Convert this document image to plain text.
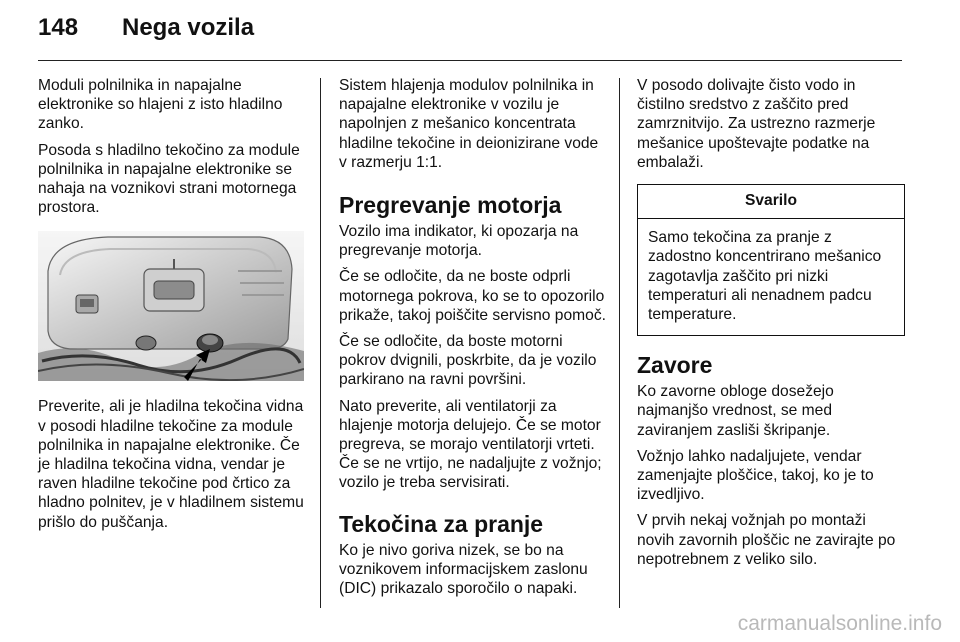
148 Nega vozila

Moduli polnilnika in napajalne elektronike so hlajeni z isto hladilno zanko.

Posoda s hladilno tekočino za module polnilnika in napajalne elektronike se nahaja na voznikovi strani motornega prostora.

Preverite, ali je hladilna tekočina vidna v posodi hladilne tekočine za module polnilnika in napajalne elektronike. Če je hladilna tekočina vidna, vendar je raven hladilne tekočine pod črtico za hladno polnitev, je v hladilnem sistemu prišlo do puščanja.

Sistem hlajenja modulov polnilnika in napajalne elektronike v vozilu je napolnjen z mešanico koncentrata hladilne tekočine in deionizirane vode v razmerju 1:1.

Pregrevanje motorja

Vozilo ima indikator, ki opozarja na pregrevanje motorja.

Če se odločite, da ne boste odprli motornega pokrova, ko se to opozorilo prikaže, takoj poiščite servisno pomoč.

Če se odločite, da boste motorni pokrov dvignili, poskrbite, da je vozilo parkirano na ravni površini.

Nato preverite, ali ventilatorji za hlajenje motorja delujejo. Če se motor pregreva, se morajo ventilatorji vrteti. Če se ne vrtijo, ne nadaljujte z vožnjo; vozilo je treba servisirati.

Tekočina za pranje

Ko je nivo goriva nizek, se bo na voznikovem informacijskem zaslonu (DIC) prikazalo sporočilo o napaki.

V posodo dolivajte čisto vodo in čistilno sredstvo z zaščito pred zamrznitvijo. Za ustrezno razmerje mešanice upoštevajte podatke na embalaži.

Svarilo
Samo tekočina za pranje z zadostno koncentrirano mešanico zagotavlja zaščito pri nizki temperaturi ali nenadnem padcu temperature.
Zavore

Ko zavorne obloge dosežejo najmanjšo vrednost, se med zaviranjem zasliši škripanje.

Vožnjo lahko nadaljujete, vendar zamenjajte ploščice, takoj, ko je to izvedljivo.

V prvih nekaj vožnjah po montaži novih zavornih ploščic ne zavirajte po nepotrebnem z veliko silo.

carmanualsonline.info
